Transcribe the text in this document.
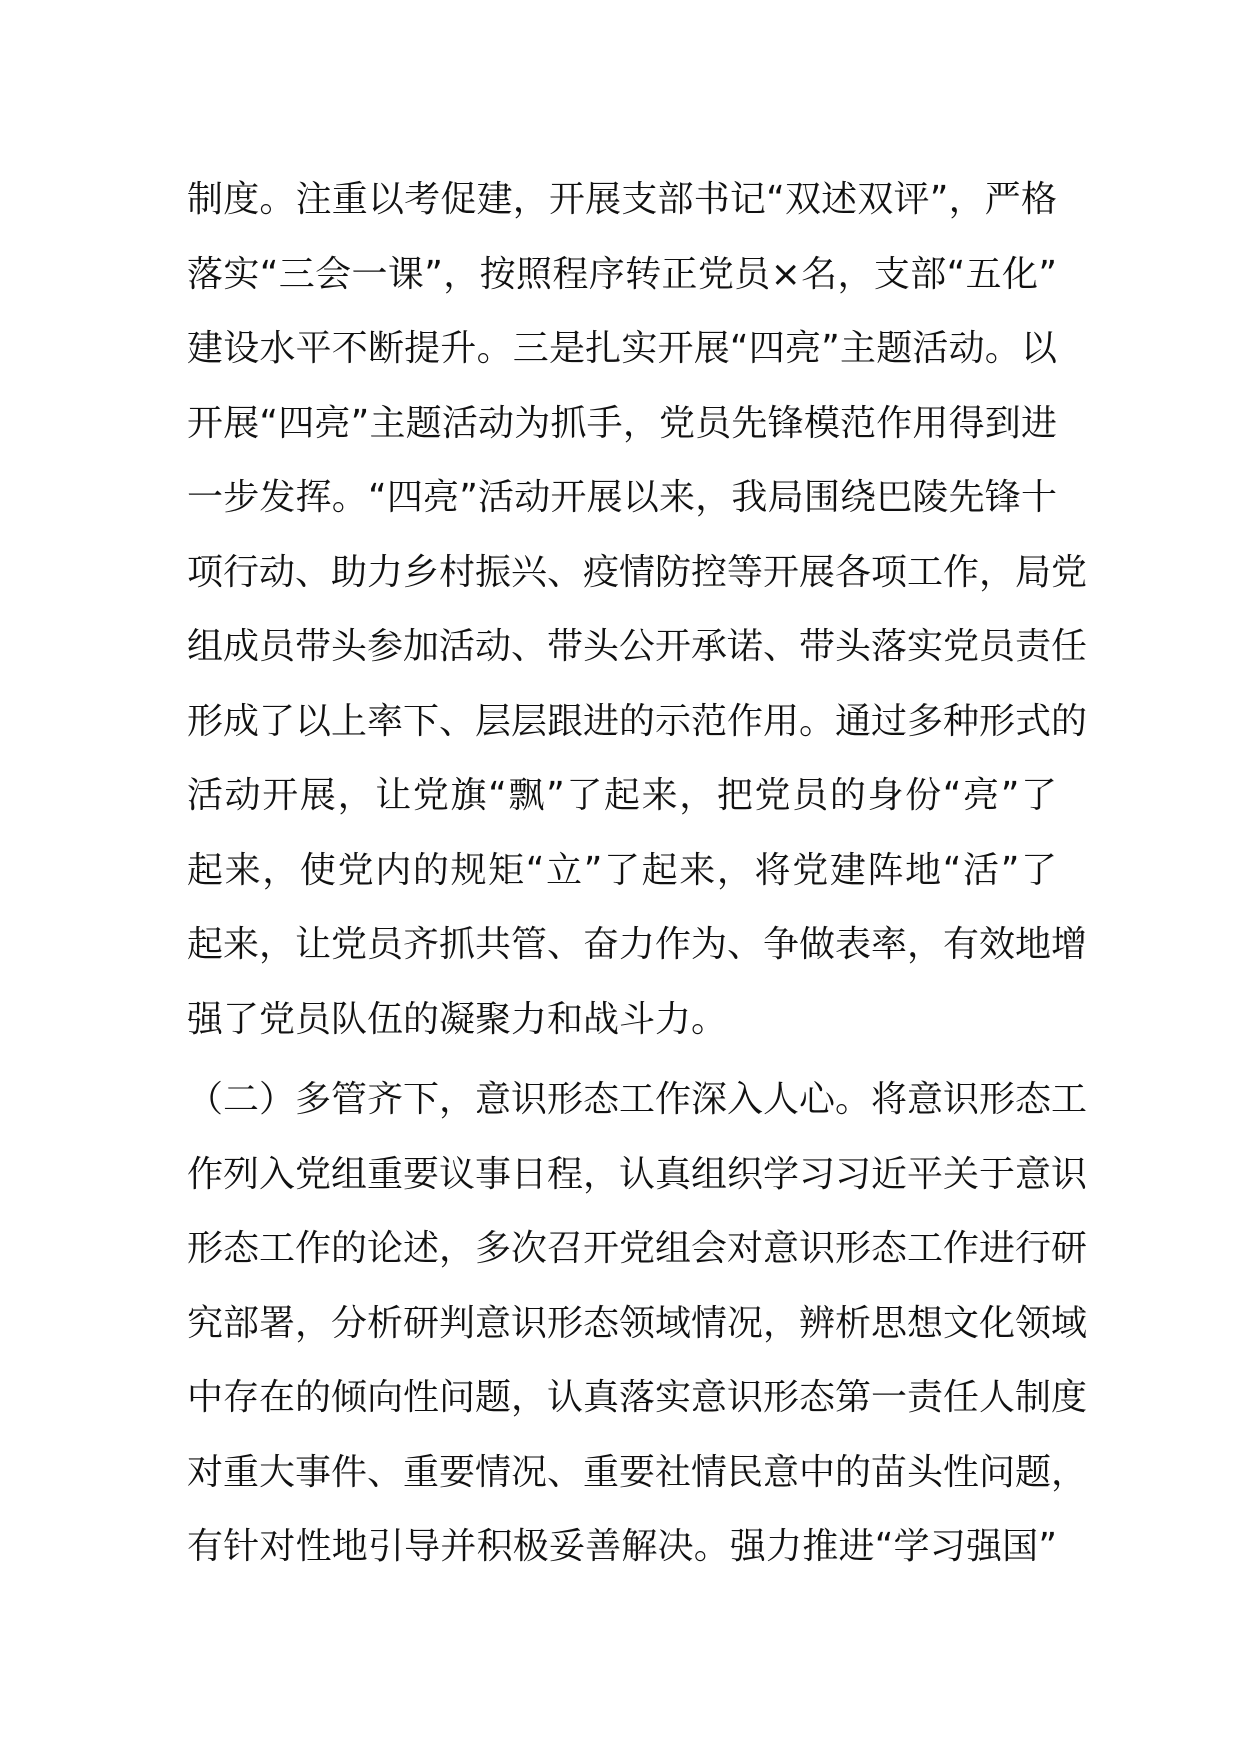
制度。注重以考促建，开展支部书记“双述双评”，严格
落实“三会一课”，按照程序转正党员×名，支部“五化”
建设水平不断提升。三是扎实开展“四亮”主题活动。以
开展“四亮”主题活动为抓手，党员先锋模范作用得到进
一步发挥。“四亮”活动开展以来，我局围绕巴陵先锋十
项行动、助力乡村振兴、疫情防控等开展各项工作，局党
组成员带头参加活动、带头公开承诺、带头落实党员责任
形成了以上率下、层层跟进的示范作用。通过多种形式的
活动开展，让党旗“飘”了起来，把党员的身份“亮”了
起来，使党内的规矩“立”了起来，将党建阵地“活”了
起来，让党员齐抓共管、奋力作为、争做表率，有效地增
强了党员队伍的凝聚力和战斗力。
（二）多管齐下，意识形态工作深入人心。将意识形态工
作列入党组重要议事日程，认真组织学习习近平关于意识
形态工作的论述，多次召开党组会对意识形态工作进行研
究部署，分析研判意识形态领域情况，辨析思想文化领域
中存在的倾向性问题，认真落实意识形态第一责任人制度
对重大事件、重要情况、重要社情民意中的苗头性问题，
有针对性地引导并积极妥善解决。强力推进“学习强国”
